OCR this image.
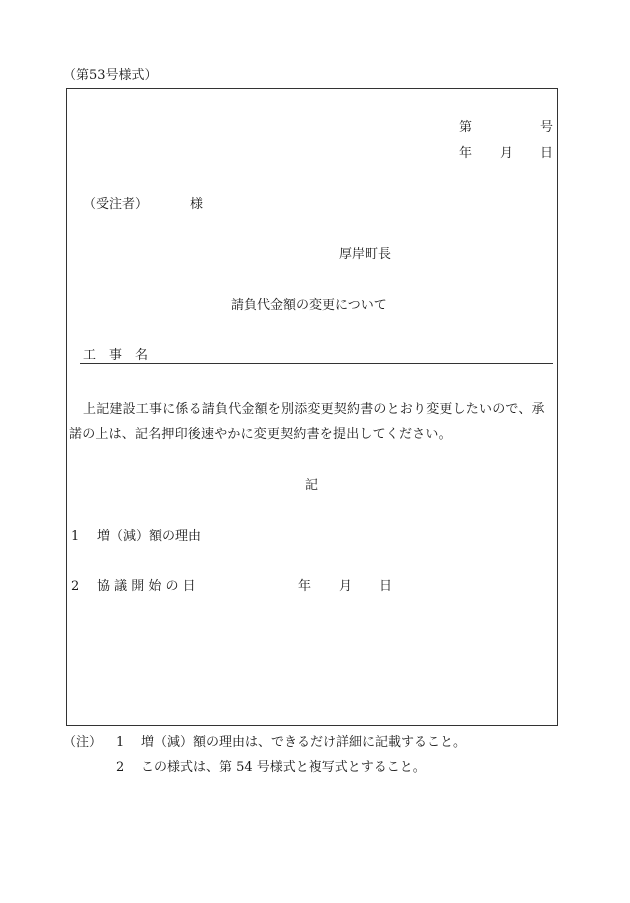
（第53号様式）
第	号
年 月 日
（受注者）	様
厚岸町長
請負代金額の変更について
工　事　名
上記建設工事に係る請負代金額を別添変更契約書のとおり変更したいので、承
諾の上は、記名押印後速やかに変更契約書を提出してください。
記
1 増（減）額の理由
2 協 議 開 始 の 日	年 月 日
（注） 1 増（減）額の理由は、できるだけ詳細に記載すること。
2 この様式は、第 54 号様式と複写式とすること。
